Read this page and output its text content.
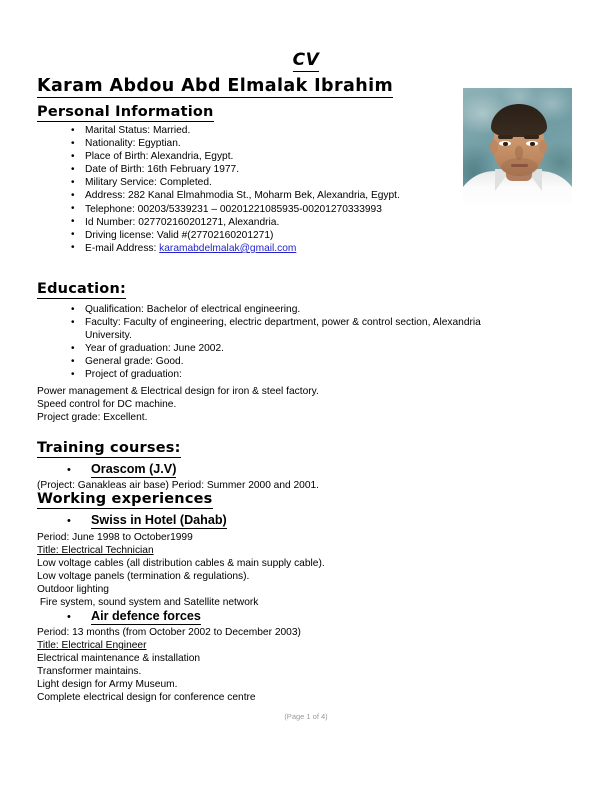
CV
Karam Abdou Abd Elmalak Ibrahim
Personal Information
• Marital Status: Married.
• Nationality: Egyptian.
• Place of Birth: Alexandria, Egypt.
• Date of Birth: 16th February 1977.
• Military Service: Completed.
• Address: 282 Kanal Elmahmodia St., Moharm Bek, Alexandria, Egypt.
• Telephone: 00203/5339231 – 00201221085935-00201270333993
• Id Number: 027702160201271, Alexandria.
• Driving license: Valid #(27702160201271)
• E-mail Address: karamabdelmalak@gmail.com
Education:
• Qualification: Bachelor of electrical engineering.
• Faculty: Faculty of engineering, electric department, power & control section, Alexandria University.
• Year of graduation: June 2002.
• General grade: Good.
• Project of graduation:
Power management & Electrical design for iron & steel factory.
Speed control for DC machine.
Project grade: Excellent.
Training courses:
• Orascom (J.V)
(Project: Ganakleas air base) Period: Summer 2000 and 2001.
Working experiences
• Swiss in Hotel (Dahab)
Period: June 1998 to October1999
Title: Electrical Technician
Low voltage cables (all distribution cables & main supply cable).
Low voltage panels (termination & regulations).
Outdoor lighting
Fire system, sound system and Satellite network
• Air defence forces
Period: 13 months (from October 2002 to December 2003)
Title: Electrical Engineer
Electrical maintenance & installation
Transformer maintains.
Light design for Army Museum.
Complete electrical design for conference centre
(Page 1 of 4)
